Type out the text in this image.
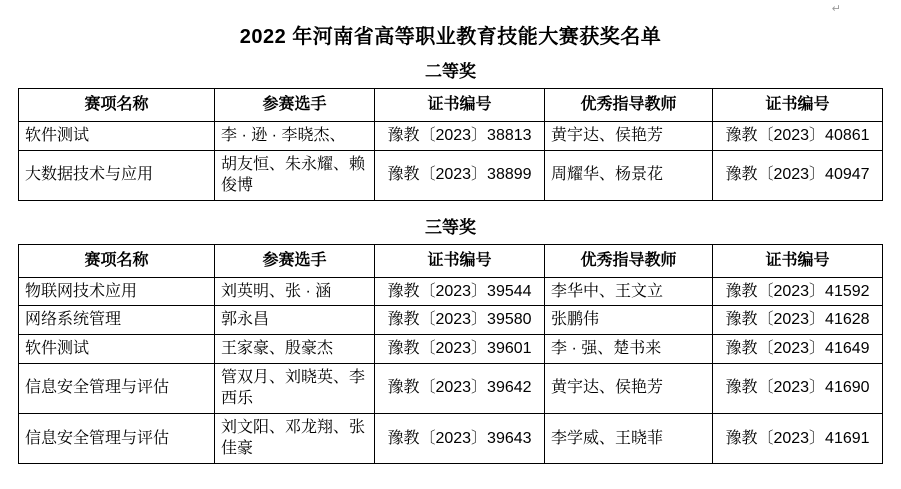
↵
2022 年河南省高等职业教育技能大赛获奖名单
二等奖
赛项名称	参赛选手	证书编号	优秀指导教师	证书编号
软件测试	李 · 逊 · 李晓杰、	豫教〔2023〕38813	黄宇达、侯艳芳	豫教〔2023〕40861
大数据技术与应用	胡友恒、朱永耀、赖俊博	豫教〔2023〕38899	周耀华、杨景花	豫教〔2023〕40947
三等奖
赛项名称	参赛选手	证书编号	优秀指导教师	证书编号
物联网技术应用	刘英明、张 · 涵	豫教〔2023〕39544	李华中、王文立	豫教〔2023〕41592
网络系统管理	郭永昌	豫教〔2023〕39580	张鹏伟	豫教〔2023〕41628
软件测试	王家豪、殷豪杰	豫教〔2023〕39601	李 · 强、楚书来	豫教〔2023〕41649
信息安全管理与评估	管双月、刘晓英、李西乐	豫教〔2023〕39642	黄宇达、侯艳芳	豫教〔2023〕41690
信息安全管理与评估	刘文阳、邓龙翔、张佳豪	豫教〔2023〕39643	李学威、王晓菲	豫教〔2023〕41691
